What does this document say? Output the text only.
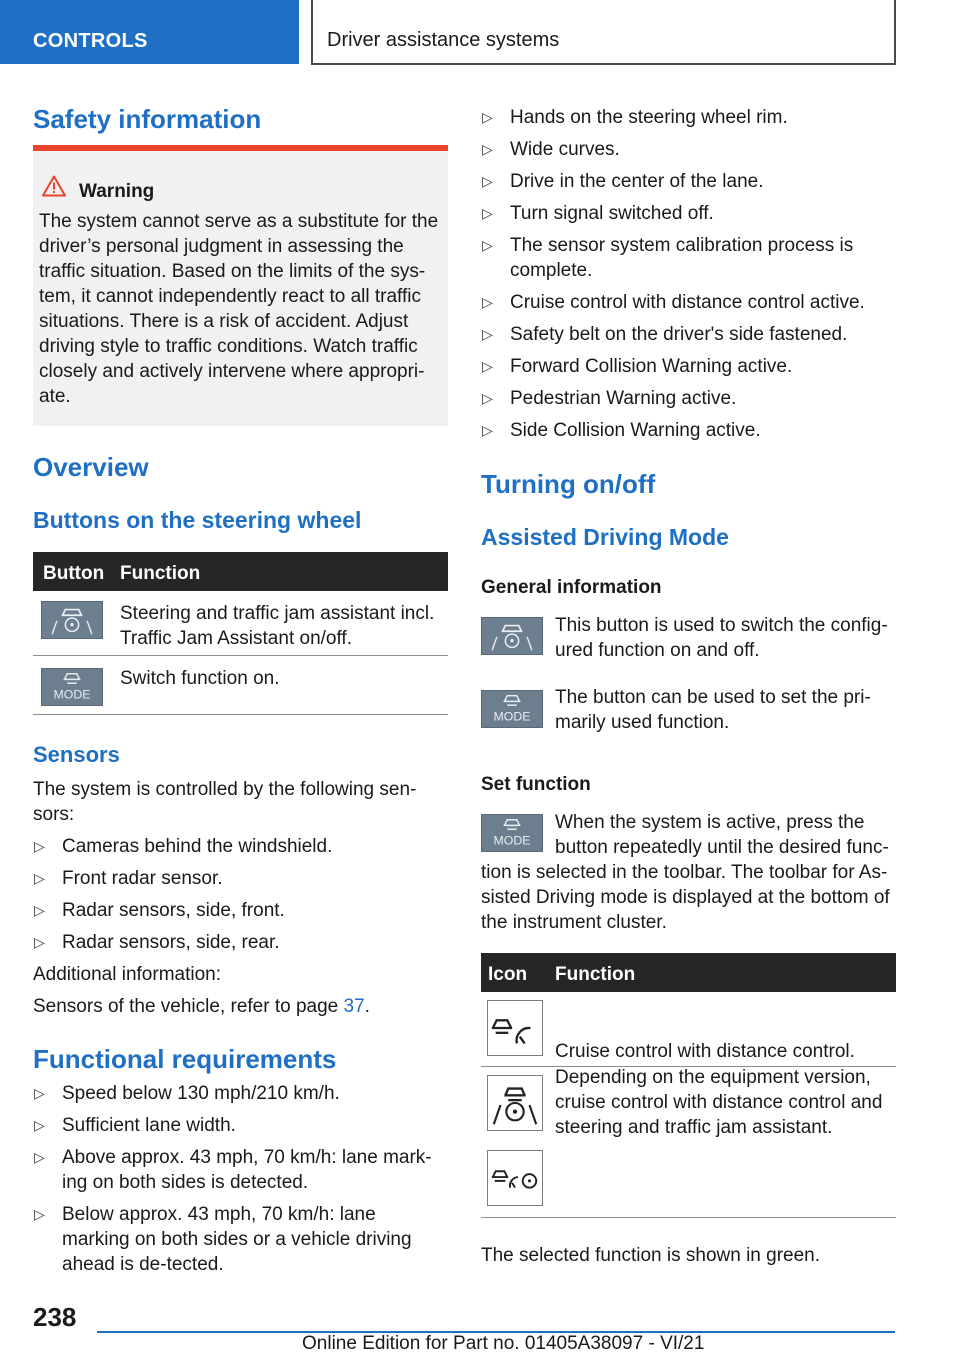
CONTROLS	Driver assistance systems
Safety information
Warning
The system cannot serve as a substitute for the driver’s personal judgment in assessing the traffic situation. Based on the limits of the sys-tem, it cannot independently react to all traffic situations. There is a risk of accident. Adjust driving style to traffic conditions. Watch traffic closely and actively intervene where appropri-ate.
Overview
Buttons on the steering wheel
Button Function
Steering and traffic jam assistant incl. Traffic Jam Assistant on/off.
MODE
Switch function on.
Sensors
The system is controlled by the following sen-sors:
▷ Cameras behind the windshield.
▷ Front radar sensor.
▷ Radar sensors, side, front.
▷ Radar sensors, side, rear.
Additional information:
Sensors of the vehicle, refer to page 37.
Functional requirements
▷ Speed below 130 mph/210 km/h.
▷ Sufficient lane width.
▷ Above approx. 43 mph, 70 km/h: lane mark-ing on both sides is detected.
▷ Below approx. 43 mph, 70 km/h: lane marking on both sides or a vehicle driving ahead is de-tected.
▷ Hands on the steering wheel rim.
▷ Wide curves.
▷ Drive in the center of the lane.
▷ Turn signal switched off.
▷ The sensor system calibration process is complete.
▷ Cruise control with distance control active.
▷ Safety belt on the driver's side fastened.
▷ Forward Collision Warning active.
▷ Pedestrian Warning active.
▷ Side Collision Warning active.
Turning on/off
Assisted Driving Mode
General information
This button is used to switch the config-ured function on and off.
MODE
The button can be used to set the pri-marily used function.
Set function
MODE
When the system is active, press the button repeatedly until the desired func-
tion is selected in the toolbar. The toolbar for As-sisted Driving mode is displayed at the bottom of the instrument cluster.
Icon Function
Cruise control with distance control.
Depending on the equipment version, cruise control with distance control and steering and traffic jam assistant.
The selected function is shown in green.
238
Online Edition for Part no. 01405A38097 - VI/21
